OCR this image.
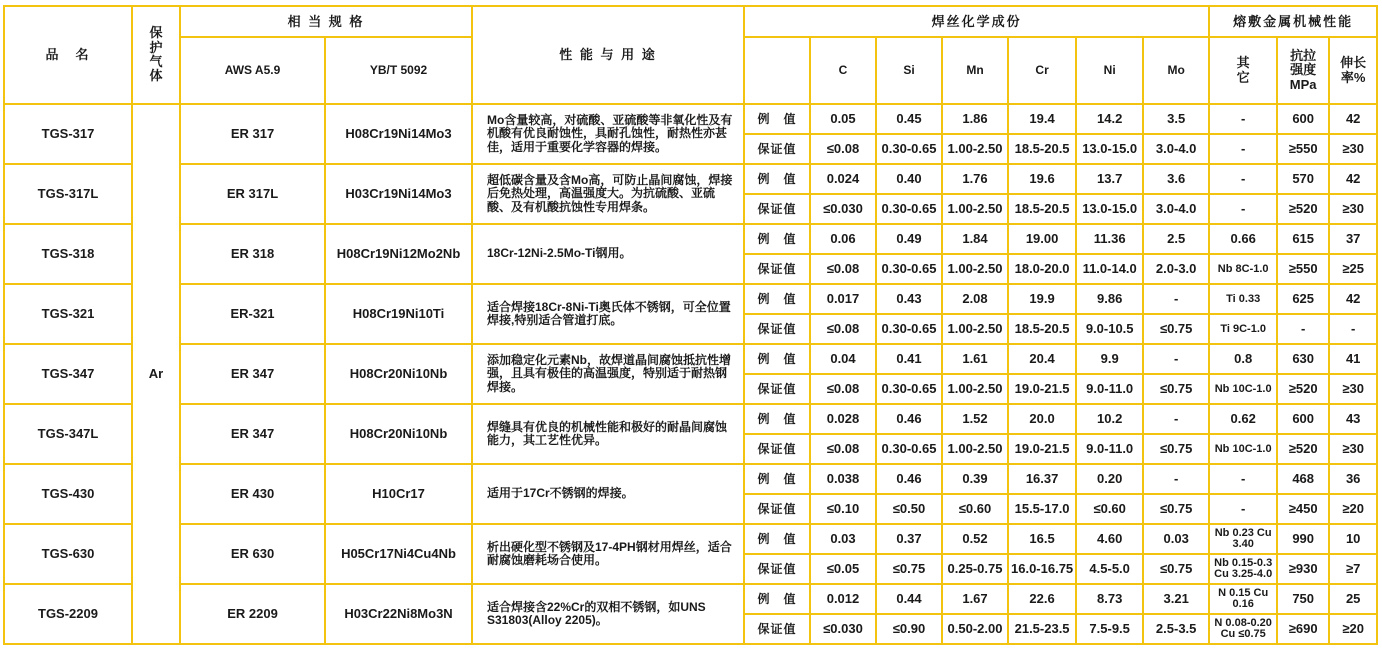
品　名	保护气体	相 当 规 格		性 能 与 用 途	焊丝化学成份							熔敷金属机械性能		
		AWS A5.9	YB/T 5092			C	Si	Mn	Cr	Ni	Mo	其它	抗拉强度MPa	伸长率%
TGS-317	Ar	ER 317	H08Cr19Ni14Mo3	Mo含量较高，对硫酸、亚硫酸等非氧化性及有机酸有优良耐蚀性，具耐孔蚀性，耐热性亦甚佳，适用于重要化学容器的焊接。	例　值	0.05	0.45	1.86	19.4	14.2	3.5	-	600	42
					保证值	≤0.08	0.30-0.65	1.00-2.50	18.5-20.5	13.0-15.0	3.0-4.0	-	≥550	≥30
TGS-317L		ER 317L	H03Cr19Ni14Mo3	超低碳含量及含Mo高，可防止晶间腐蚀，焊接后免热处理，高温强度大。为抗硫酸、亚硫酸、及有机酸抗蚀性专用焊条。	例　值	0.024	0.40	1.76	19.6	13.7	3.6	-	570	42
					保证值	≤0.030	0.30-0.65	1.00-2.50	18.5-20.5	13.0-15.0	3.0-4.0	-	≥520	≥30
TGS-318		ER 318	H08Cr19Ni12Mo2Nb	18Cr-12Ni-2.5Mo-Ti钢用。	例　值	0.06	0.49	1.84	19.00	11.36	2.5	0.66	615	37
					保证值	≤0.08	0.30-0.65	1.00-2.50	18.0-20.0	11.0-14.0	2.0-3.0	Nb 8C-1.0	≥550	≥25
TGS-321		ER-321	H08Cr19Ni10Ti	适合焊接18Cr-8Ni-Ti奥氏体不锈钢，可全位置焊接,特别适合管道打底。	例　值	0.017	0.43	2.08	19.9	9.86	-	Ti 0.33	625	42
					保证值	≤0.08	0.30-0.65	1.00-2.50	18.5-20.5	9.0-10.5	≤0.75	Ti 9C-1.0	-	-
TGS-347		ER 347	H08Cr20Ni10Nb	添加稳定化元素Nb，故焊道晶间腐蚀抵抗性增强，且具有极佳的高温强度，特别适于耐热钢焊接。	例　值	0.04	0.41	1.61	20.4	9.9	-	0.8	630	41
					保证值	≤0.08	0.30-0.65	1.00-2.50	19.0-21.5	9.0-11.0	≤0.75	Nb 10C-1.0	≥520	≥30
TGS-347L		ER 347	H08Cr20Ni10Nb	焊缝具有优良的机械性能和极好的耐晶间腐蚀能力，其工艺性优异。	例　值	0.028	0.46	1.52	20.0	10.2	-	0.62	600	43
					保证值	≤0.08	0.30-0.65	1.00-2.50	19.0-21.5	9.0-11.0	≤0.75	Nb 10C-1.0	≥520	≥30
TGS-430		ER 430	H10Cr17	适用于17Cr不锈钢的焊接。	例　值	0.038	0.46	0.39	16.37	0.20	-	-	468	36
					保证值	≤0.10	≤0.50	≤0.60	15.5-17.0	≤0.60	≤0.75	-	≥450	≥20
TGS-630		ER 630	H05Cr17Ni4Cu4Nb	析出硬化型不锈钢及17-4PH钢材用焊丝，适合耐腐蚀磨耗场合使用。	例　值	0.03	0.37	0.52	16.5	4.60	0.03	Nb 0.23 Cu 3.40	990	10
					保证值	≤0.05	≤0.75	0.25-0.75	16.0-16.75	4.5-5.0	≤0.75	Nb 0.15-0.3 Cu 3.25-4.0	≥930	≥7
TGS-2209		ER 2209	H03Cr22Ni8Mo3N	适合焊接含22%Cr的双相不锈钢，如UNS S31803(Alloy 2205)。	例　值	0.012	0.44	1.67	22.6	8.73	3.21	N 0.15 Cu 0.16	750	25
					保证值	≤0.030	≤0.90	0.50-2.00	21.5-23.5	7.5-9.5	2.5-3.5	N 0.08-0.20 Cu ≤0.75	≥690	≥20
